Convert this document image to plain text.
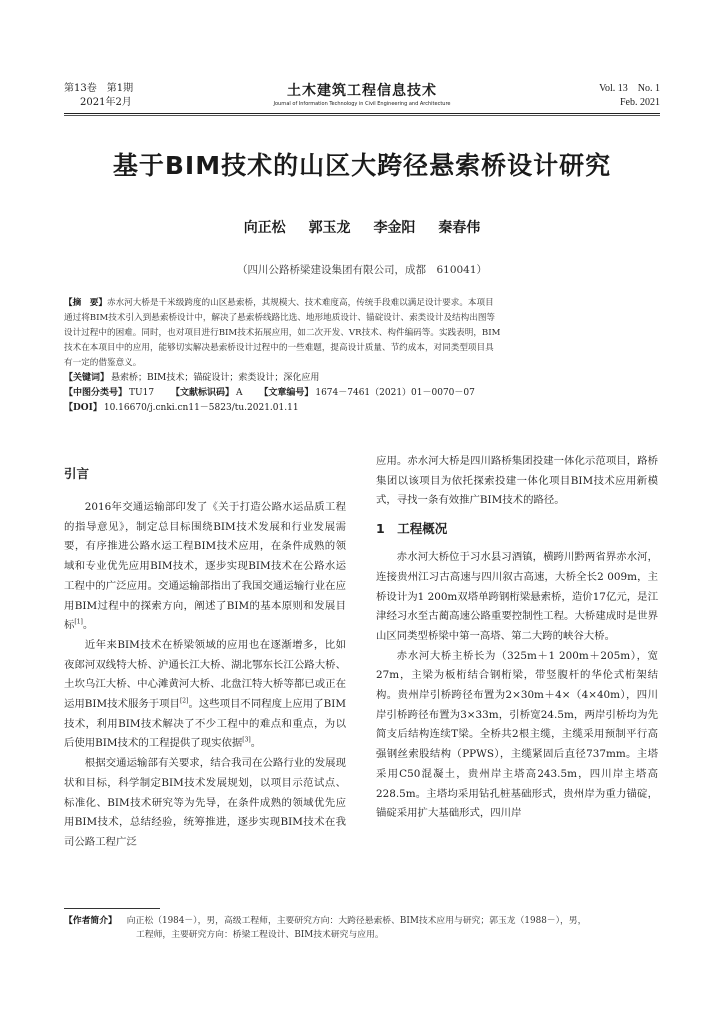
第13卷　第1期
2021年2月
土木建筑工程信息技术
Journal of Information Technology in Civil Engineering and Architecture
Vol. 13　No. 1
Feb. 2021
基于BIM技术的山区大跨径悬索桥设计研究
向正松 郭玉龙 李金阳 秦春伟
（四川公路桥梁建设集团有限公司，成都　610041）
【摘　要】赤水河大桥是千米级跨度的山区悬索桥，其规模大、技术难度高，传统手段难以满足设计要求。本项目
通过将BIM技术引入到悬索桥设计中，解决了悬索桥线路比选、地形地质设计、锚碇设计、索类设计及结构出图等
设计过程中的困难。同时，也对项目进行BIM技术拓展应用，如二次开发、VR技术、构件编码等。实践表明，BIM
技术在本项目中的应用，能够切实解决悬索桥设计过程中的一些难题，提高设计质量、节约成本，对同类型项目具
有一定的借鉴意义。
【关键词】 悬索桥；BIM技术；锚碇设计；索类设计；深化应用
【中图分类号】 TU17 【文献标识码】 A 【文章编号】 1674－7461（2021）01－0070－07
【DOI】 10.16670/j.cnki.cn11－5823/tu.2021.01.11
引言

2016年交通运输部印发了《关于打造公路水运品质工程的指导意见》，制定总目标围绕BIM技术发展和行业发展需要，有序推进公路水运工程BIM技术应用，在条件成熟的领域和专业优先应用BIM技术，逐步实现BIM技术在公路水运工程中的广泛应用。交通运输部指出了我国交通运输行业在应用BIM过程中的探索方向，阐述了BIM的基本原则和发展目标[1]。

近年来BIM技术在桥梁领域的应用也在逐渐增多，比如夜郎河双线特大桥、沪通长江大桥、湖北鄂东长江公路大桥、土坎乌江大桥、中心滩黄河大桥、北盘江特大桥等都已或正在运用BIM技术服务于项目[2]。这些项目不同程度上应用了BIM技术，利用BIM技术解决了不少工程中的难点和重点，为以后使用BIM技术的工程提供了现实依据[3]。

根据交通运输部有关要求，结合我司在公路行业的发展现状和目标，科学制定BIM技术发展规划，以项目示范试点、标准化、BIM技术研究等为先导，在条件成熟的领域优先应用BIM技术，总结经验，统筹推进，逐步实现BIM技术在我司公路工程广泛

应用。赤水河大桥是四川路桥集团投建一体化示范项目，路桥集团以该项目为依托探索投建一体化项目BIM技术应用新模式，寻找一条有效推广BIM技术的路径。

1　工程概况

赤水河大桥位于习水县习酒镇，横跨川黔两省界赤水河，连接贵州江习古高速与四川叙古高速，大桥全长2 009m，主桥设计为1 200m双塔单跨钢桁梁悬索桥，造价17亿元，是江津经习水至古蔺高速公路重要控制性工程。大桥建成时是世界山区同类型桥梁中第一高塔、第二大跨的峡谷大桥。

赤水河大桥主桥长为（325m＋1 200m＋205m），宽27m，主梁为板桁结合钢桁梁，带竖腹杆的华伦式桁架结构。贵州岸引桥跨径布置为2×30m＋4×（4×40m），四川岸引桥跨径布置为3×33m，引桥宽24.5m，两岸引桥均为先简支后结构连续T梁。全桥共2根主缆，主缆采用预制平行高强钢丝索股结构（PPWS），主缆紧固后直径737mm。主塔采用C50混凝土，贵州岸主塔高243.5m，四川岸主塔高228.5m。主塔均采用钻孔桩基础形式，贵州岸为重力锚碇，锚碇采用扩大基础形式，四川岸

【作者简介】 向正松（1984－），男，高级工程师，主要研究方向：大跨径悬索桥、BIM技术应用与研究；郭玉龙（1988－），男，
工程师，主要研究方向：桥梁工程设计、BIM技术研究与应用。
